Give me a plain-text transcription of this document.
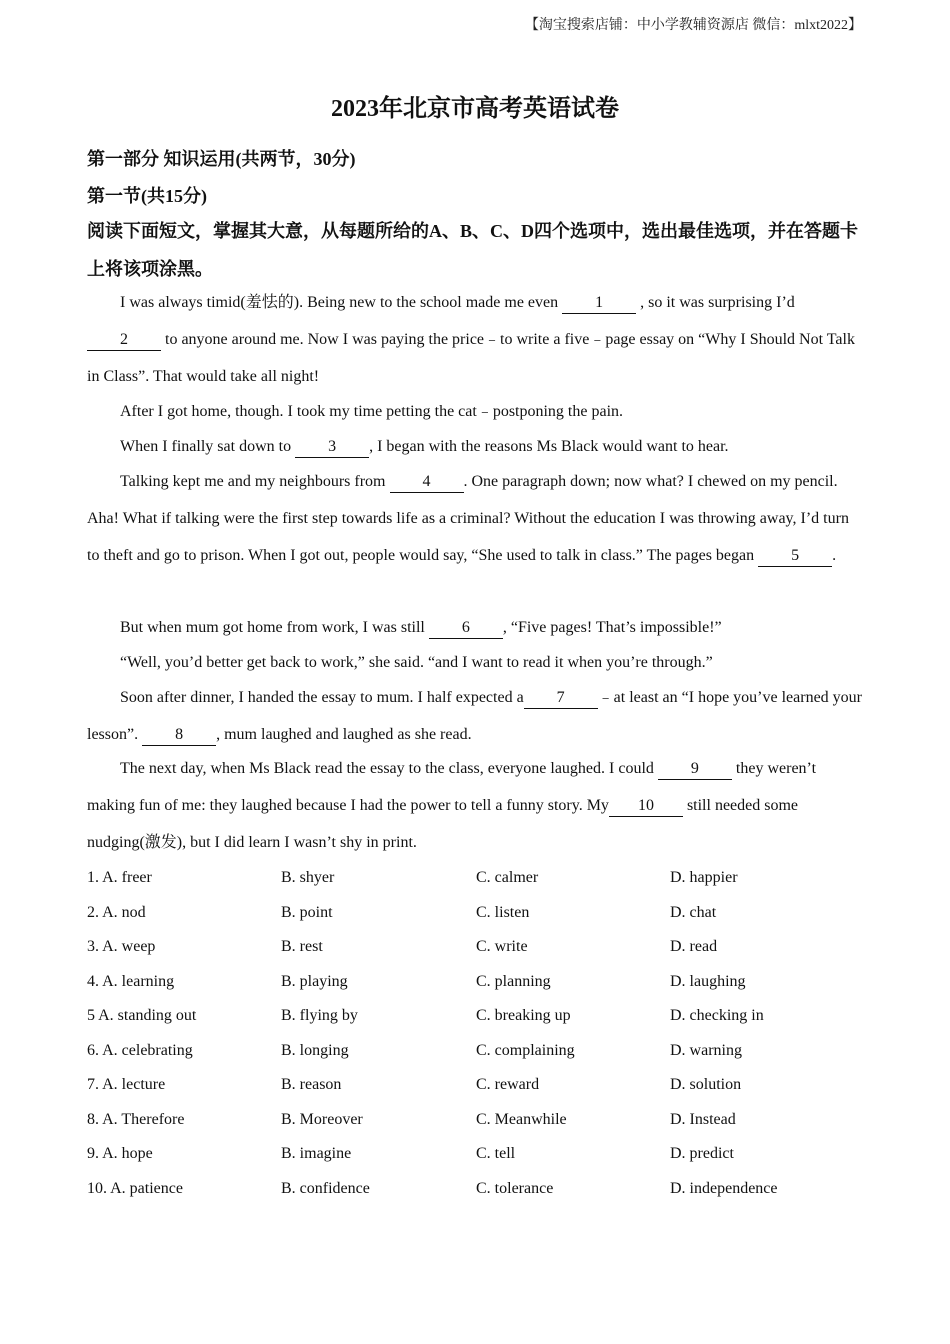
【淘宝搜索店铺：中小学教辅资源店 微信：mlxt2022】
2023年北京市高考英语试卷
第一部分 知识运用(共两节，30分)
第一节(共15分)
阅读下面短文，掌握其大意，从每题所给的A、B、C、D四个选项中，选出最佳选项，并在答题卡上将该项涂黑。

I was always timid(羞怯的). Being new to the school made me even 1 , so it was surprising I’d 2 to anyone around me. Now I was paying the price﹣to write a five﹣page essay on “Why I Should Not Talk in Class”. That would take all night!

After I got home, though. I took my time petting the cat﹣postponing the pain.

When I finally sat down to 3 , I began with the reasons Ms Black would want to hear.

Talking kept me and my neighbours from 4 . One paragraph down; now what? I chewed on my pencil. Aha! What if talking were the first step towards life as a criminal? Without the education I was throwing away, I’d turn to theft and go to prison. When I got out, people would say, “She used to talk in class.” The pages began 5 .

But when mum got home from work, I was still 6 , “Five pages! That’s impossible!”

“Well, you’d better get back to work,” she said. “and I want to read it when you’re through.”

Soon after dinner, I handed the essay to mum. I half expected a 7 ﹣at least an “I hope you’ve learned your lesson”. 8 , mum laughed and laughed as she read.

The next day, when Ms Black read the essay to the class, everyone laughed. I could 9 they weren’t making fun of me: they laughed because I had the power to tell a funny story. My 10 still needed some nudging(激发), but I did learn I wasn’t shy in print.

1. A. freer	B. shyer	C. calmer	D. happier
2. A. nod	B. point	C. listen	D. chat
3. A. weep	B. rest	C. write	D. read
4. A. learning	B. playing	C. planning	D. laughing
5 A. standing out	B. flying by	C. breaking up	D. checking in
6. A. celebrating	B. longing	C. complaining	D. warning
7. A. lecture	B. reason	C. reward	D. solution
8. A. Therefore	B. Moreover	C. Meanwhile	D. Instead
9. A. hope	B. imagine	C. tell	D. predict
10. A. patience	B. confidence	C. tolerance	D. independence
